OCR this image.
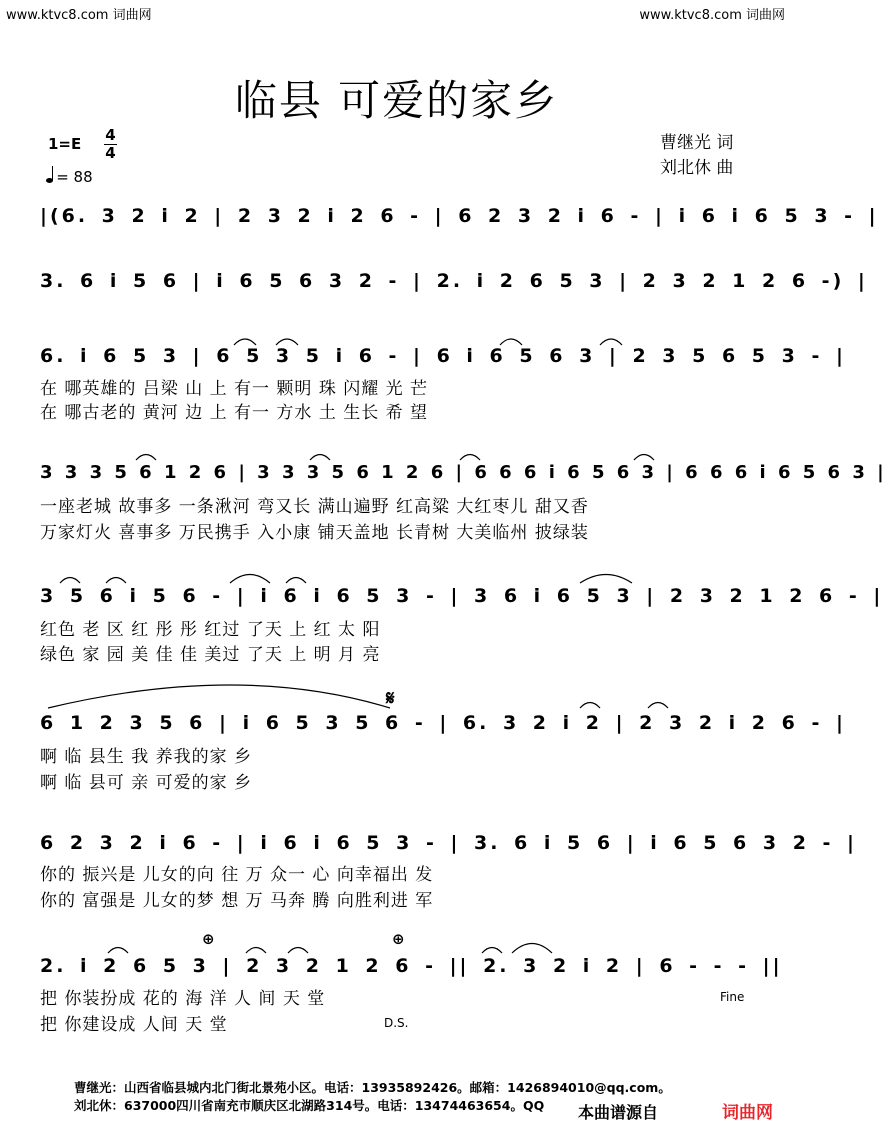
www.ktvc8.com 词曲网	www.ktvc8.com 词曲网
临县 可爱的家乡
曹继光 词
刘北休 曲
1=E 4
4
= 88
|(6. 3 2 i 2 | 2 3 2 i 2 6 - | 6 2 3 2 i 6 - | i 6 i 6 5 3 - |
3. 6 i 5 6 | i 6 5 6 3 2 - | 2. i 2 6 5 3 | 2 3 2 1 2 6 -) |
6. i 6 5 3 | 6 5 3 5 i 6 - | 6 i 6 5 6 3 | 2 3 5 6 5 3 - |
在 哪英雄的 吕梁 山 上 有一 颗明 珠 闪耀 光 芒
在 哪古老的 黄河 边 上 有一 方水 土 生长 希 望
3 3 3 5 6 1 2 6 | 3 3 3 5 6 1 2 6 | 6 6 6 i 6 5 6 3 | 6 6 6 i 6 5 6 3 |
一座老城 故事多 一条湫河 弯又长 满山遍野 红高粱 大红枣儿 甜又香
万家灯火 喜事多 万民携手 入小康 铺天盖地 长青树 大美临州 披绿装
3 5 6 i 5 6 - | i 6 i 6 5 3 - | 3 6 i 6 5 3 | 2 3 2 1 2 6 - |
红色 老 区 红 彤 彤 红过 了天 上 红 太 阳
绿色 家 园 美 佳 佳 美过 了天 上 明 月 亮
𝄋
6 1 2 3 5 6 | i 6 5 3 5 6 - | 6. 3 2 i 2 | 2 3 2 i 2 6 - |
啊 临 县生 我 养我的家 乡
啊 临 县可 亲 可爱的家 乡
6 2 3 2 i 6 - | i 6 i 6 5 3 - | 3. 6 i 5 6 | i 6 5 6 3 2 - |
你的 振兴是 儿女的向 往 万 众一 心 向幸福出 发
你的 富强是 儿女的梦 想 万 马奔 腾 向胜利进 军
⊕	⊕
2. i 2 6 5 3 | 2 3 2 1 2 6 - || 2. 3 2 i 2 | 6 - - - ||
把 你装扮成 花的 海 洋 人 间 天 堂
把 你建设成 人间 天 堂	D.S.
Fine
曹继光：山西省临县城内北门街北景苑小区。电话：13935892426。邮箱：1426894010@qq.com。
刘北休：637000四川省南充市顺庆区北湖路314号。电话：13474463654。QQ 本曲谱源自	词曲网
